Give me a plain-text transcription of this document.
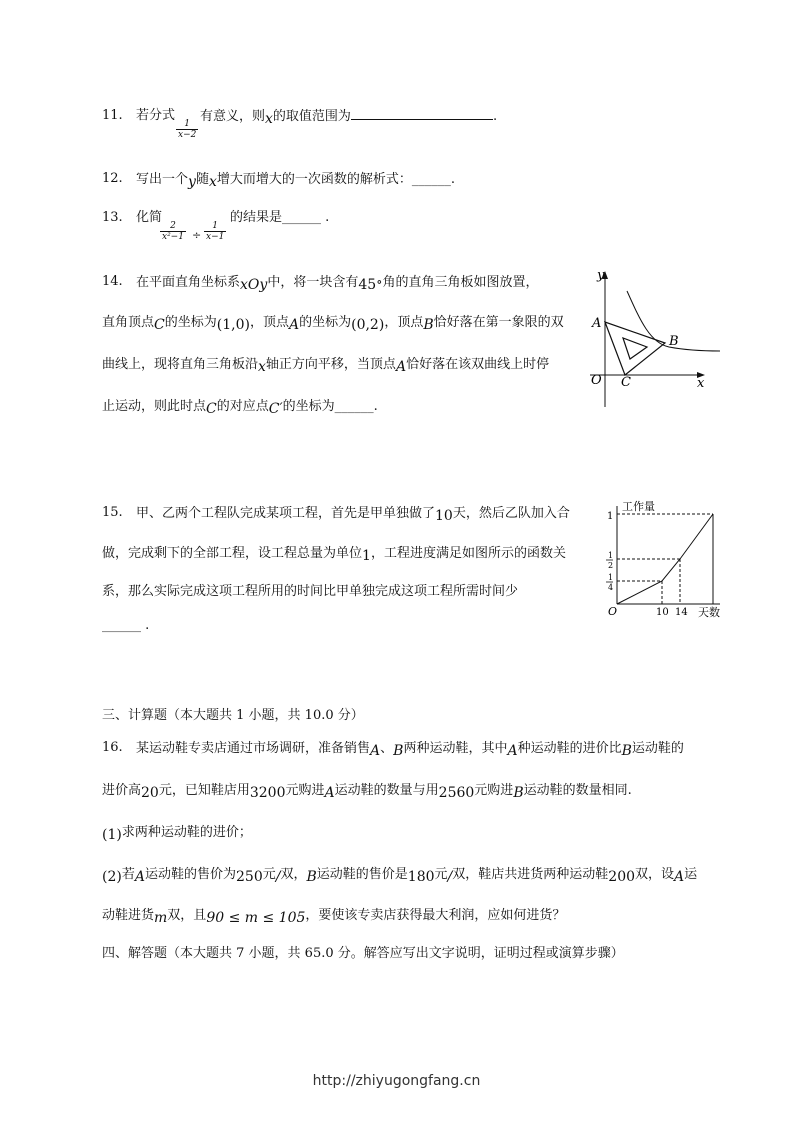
11. 若分式
1
x−2
有意义，则x的取值范围为	.
12. 写出一个y随x增大而增大的一次函数的解析式：______.
13. 化简
2
x²−1 ÷
1
x−1
的结果是______ .
14. 在平面直角坐标系xOy中，将一块含有45∘角的直角三角板如图放置，
直角顶点C的坐标为(1,0)，顶点A的坐标为(0,2)，顶点B恰好落在第一象限的双
曲线上，现将直角三角板沿x轴正方向平移，当顶点A恰好落在该双曲线上时停
止运动，则此时点C的对应点C′的坐标为______.
y
x
O
A
B
C
15. 甲、乙两个工程队完成某项工程，首先是甲单独做了10天，然后乙队加入合
做，完成剩下的全部工程，设工程总量为单位1，工程进度满足如图所示的函数关
系，那么实际完成这项工程所用的时间比甲单独完成这项工程所需时间少
______ .
工作量
1
1
2
1
4
O	10 14 天数
三、计算题（本大题共 1 小题，共 10.0 分）
16. 某运动鞋专卖店通过市场调研，准备销售A、B两种运动鞋，其中A种运动鞋的进价比B运动鞋的
进价高20元，已知鞋店用3200元购进A运动鞋的数量与用2560元购进B运动鞋的数量相同.
(1)求两种运动鞋的进价；
(2)若A运动鞋的售价为250元/双，B运动鞋的售价是180元/双，鞋店共进货两种运动鞋200双，设A运
动鞋进货m双，且90 ≤ m ≤ 105，要使该专卖店获得最大利润，应如何进货？
四、解答题（本大题共 7 小题，共 65.0 分。解答应写出文字说明，证明过程或演算步骤）
http://zhiyugongfang.cn
